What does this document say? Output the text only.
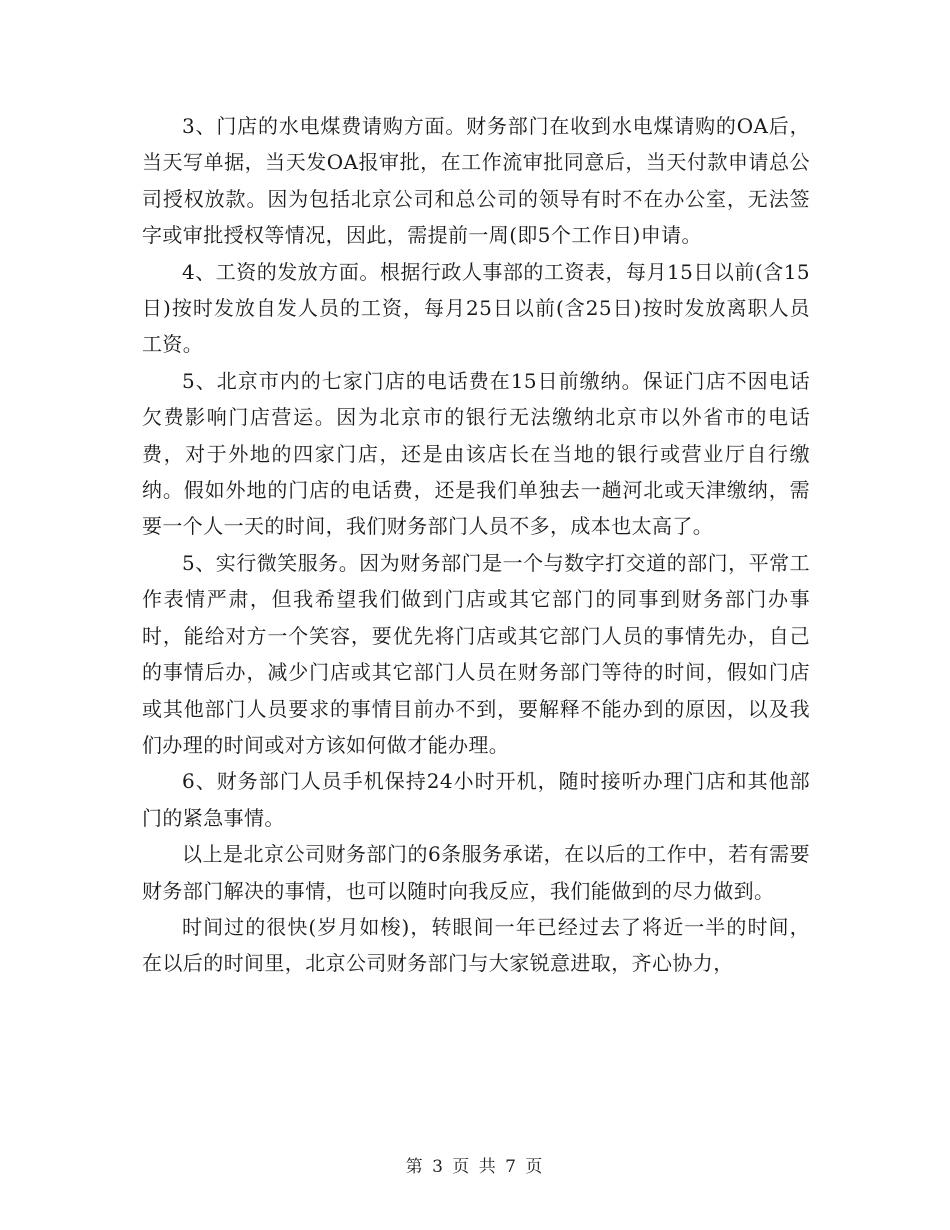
3、门店的水电煤费请购方面。财务部门在收到水电煤请购的OA后，当天写单据，当天发OA报审批，在工作流审批同意后，当天付款申请总公司授权放款。因为包括北京公司和总公司的领导有时不在办公室，无法签字或审批授权等情况，因此，需提前一周(即5个工作日)申请。

4、工资的发放方面。根据行政人事部的工资表，每月15日以前(含15日)按时发放自发人员的工资，每月25日以前(含25日)按时发放离职人员工资。

5、北京市内的七家门店的电话费在15日前缴纳。保证门店不因电话欠费影响门店营运。因为北京市的银行无法缴纳北京市以外省市的电话费，对于外地的四家门店，还是由该店长在当地的银行或营业厅自行缴纳。假如外地的门店的电话费，还是我们单独去一趟河北或天津缴纳，需要一个人一天的时间，我们财务部门人员不多，成本也太高了。

5、实行微笑服务。因为财务部门是一个与数字打交道的部门，平常工作表情严肃，但我希望我们做到门店或其它部门的同事到财务部门办事时，能给对方一个笑容，要优先将门店或其它部门人员的事情先办，自己的事情后办，减少门店或其它部门人员在财务部门等待的时间，假如门店或其他部门人员要求的事情目前办不到，要解释不能办到的原因，以及我们办理的时间或对方该如何做才能办理。

6、财务部门人员手机保持24小时开机，随时接听办理门店和其他部门的紧急事情。

以上是北京公司财务部门的6条服务承诺，在以后的工作中，若有需要财务部门解决的事情，也可以随时向我反应，我们能做到的尽力做到。

时间过的很快(岁月如梭)，转眼间一年已经过去了将近一半的时间，在以后的时间里，北京公司财务部门与大家锐意进取，齐心协力，

第 3 页 共 7 页
